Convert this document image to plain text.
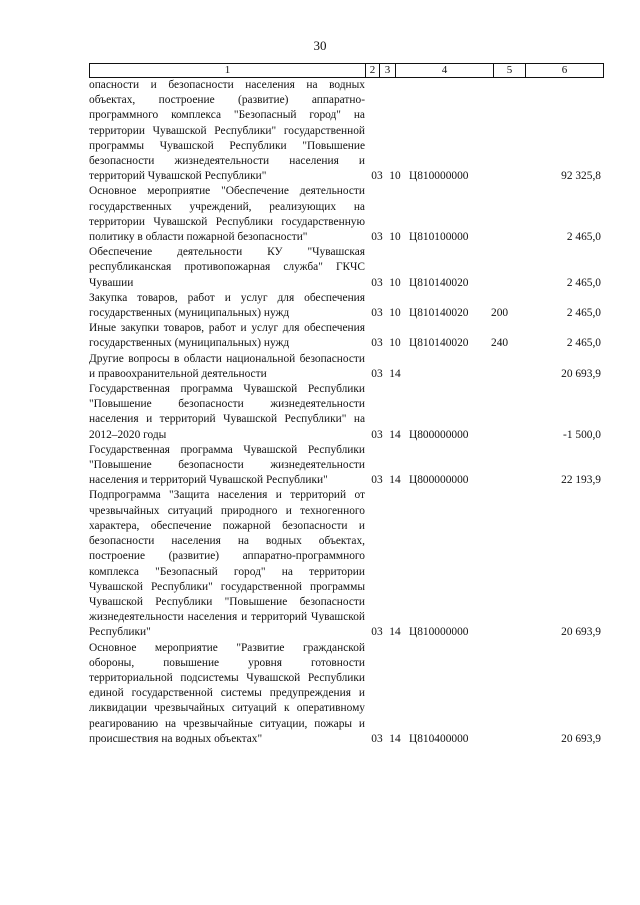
30
1	2	3	4	5	6
опасности и безопасности населения на водных объектах, построение (развитие) аппаратно-программного комплекса "Безопасный город" на территории Чувашской Республики" государственной программы Чувашской Республики "Повышение безопасности жизнедеятельности населения и территорий Чувашской Республики"	03 10 Ц810000000	92 325,8
Основное мероприятие "Обеспечение деятельности государственных учреждений, реализующих на территории Чувашской Республики государственную политику в области пожарной безопасности"	03 10 Ц810100000	2 465,0
Обеспечение деятельности КУ "Чувашская республиканская противопожарная служба" ГКЧС Чувашии	03 10 Ц810140020	2 465,0
Закупка товаров, работ и услуг для обеспечения государственных (муниципальных) нужд	03 10 Ц810140020	200	2 465,0
Иные закупки товаров, работ и услуг для обеспечения государственных (муниципальных) нужд	03 10 Ц810140020	240	2 465,0
Другие вопросы в области национальной безопасности и правоохранительной деятельности	03 14	20 693,9
Государственная программа Чувашской Республики "Повышение безопасности жизнедеятельности населения и территорий Чувашской Республики" на 2012–2020 годы	03 14 Ц800000000	-1 500,0
Государственная программа Чувашской Республики "Повышение безопасности жизнедеятельности населения и территорий Чувашской Республики"	03 14 Ц800000000	22 193,9
Подпрограмма "Защита населения и территорий от чрезвычайных ситуаций природного и техногенного характера, обеспечение пожарной безопасности и безопасности населения на водных объектах, построение (развитие) аппаратно-программного комплекса "Безопасный город" на территории Чувашской Республики" государственной программы Чувашской Республики "Повышение безопасности жизнедеятельности населения и территорий Чувашской Республики"	03 14 Ц810000000	20 693,9
Основное мероприятие "Развитие гражданской обороны, повышение уровня готовности территориальной подсистемы Чувашской Республики единой государственной системы предупреждения и ликвидации чрезвычайных ситуаций к оперативному реагированию на чрезвычайные ситуации, пожары и происшествия на водных объектах"	03 14 Ц810400000	20 693,9
